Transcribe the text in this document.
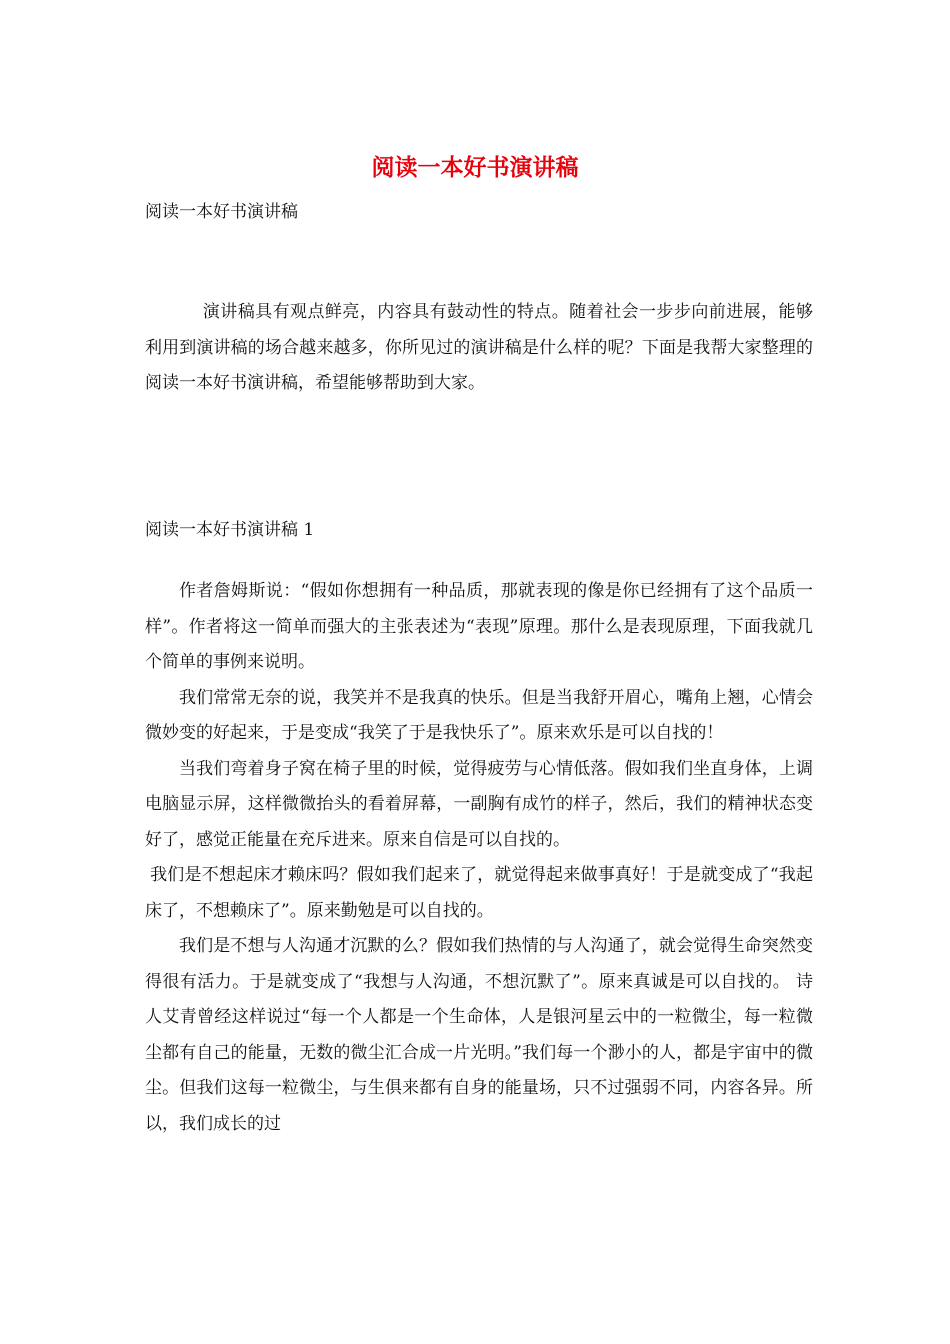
阅读一本好书演讲稿
阅读一本好书演讲稿

演讲稿具有观点鲜亮，内容具有鼓动性的特点。随着社会一步步向前进展，能够利用到演讲稿的场合越来越多，你所见过的演讲稿是什么样的呢？下面是我帮大家整理的阅读一本好书演讲稿，希望能够帮助到大家。

阅读一本好书演讲稿 1

作者詹姆斯说：“假如你想拥有一种品质，那就表现的像是你已经拥有了这个品质一样”。作者将这一简单而强大的主张表述为“表现”原理。那什么是表现原理，下面我就几个简单的事例来说明。

我们常常无奈的说，我笑并不是我真的快乐。但是当我舒开眉心，嘴角上翘，心情会微妙变的好起来，于是变成“我笑了于是我快乐了”。原来欢乐是可以自找的！

当我们弯着身子窝在椅子里的时候，觉得疲劳与心情低落。假如我们坐直身体，上调电脑显示屏，这样微微抬头的看着屏幕，一副胸有成竹的样子，然后，我们的精神状态变好了，感觉正能量在充斥进来。原来自信是可以自找的。

我们是不想起床才赖床吗？假如我们起来了，就觉得起来做事真好！于是就变成了“我起床了，不想赖床了”。原来勤勉是可以自找的。

我们是不想与人沟通才沉默的么？假如我们热情的与人沟通了，就会觉得生命突然变得很有活力。于是就变成了“我想与人沟通，不想沉默了”。原来真诚是可以自找的。 诗人艾青曾经这样说过“每一个人都是一个生命体，人是银河星云中的一粒微尘，每一粒微尘都有自己的能量，无数的微尘汇合成一片光明。”我们每一个渺小的人，都是宇宙中的微尘。但我们这每一粒微尘，与生俱来都有自身的能量场，只不过强弱不同，内容各异。所以，我们成长的过
